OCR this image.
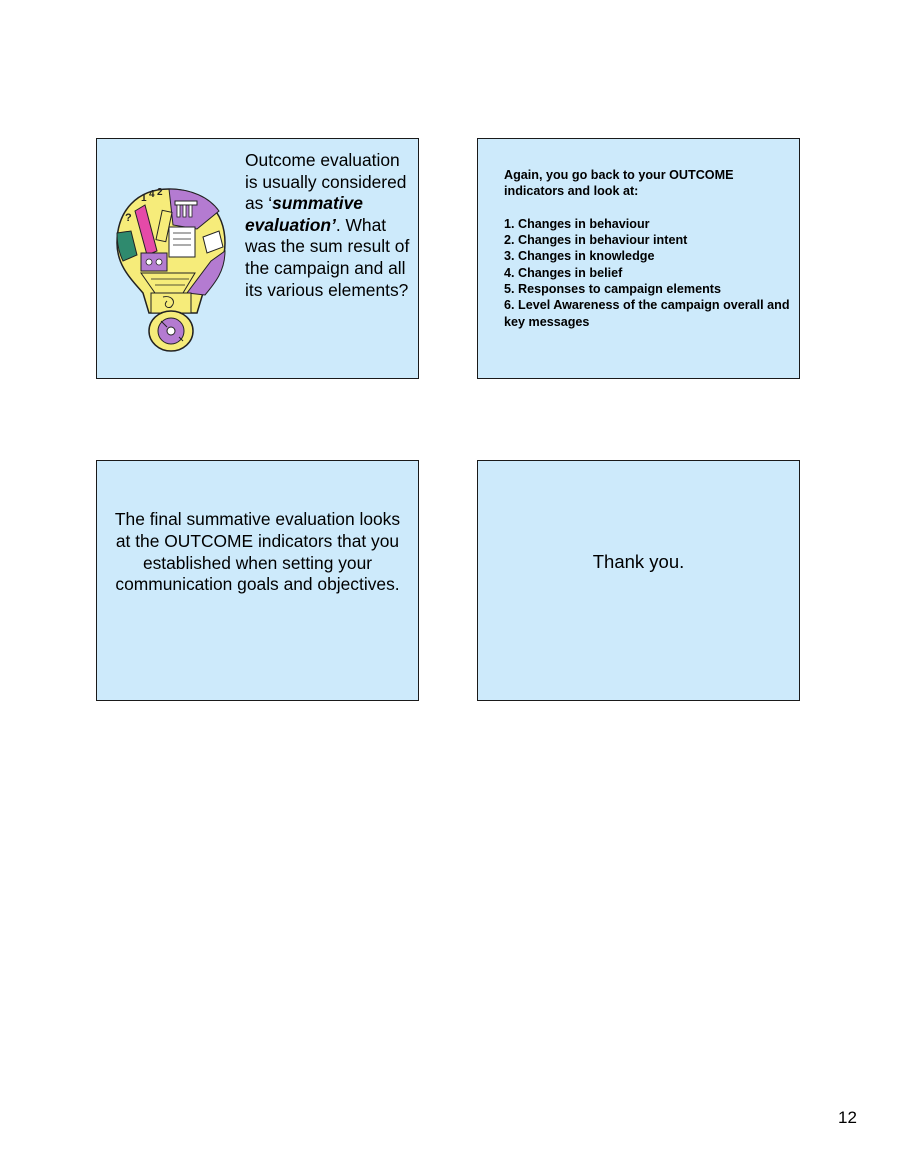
?
1 4 2
Outcome evaluation is usually considered as ‘summative evaluation’. What was the sum result of the campaign and all its various elements?

Again, you go back to your OUTCOME indicators and look at:

1. Changes in behaviour
2. Changes in behaviour intent
3. Changes in knowledge
4. Changes in belief
5. Responses to campaign elements
6. Level Awareness of the campaign overall and key messages
The final summative evaluation looks at the OUTCOME indicators that you established when setting your communication goals and objectives.
Thank you.
12
